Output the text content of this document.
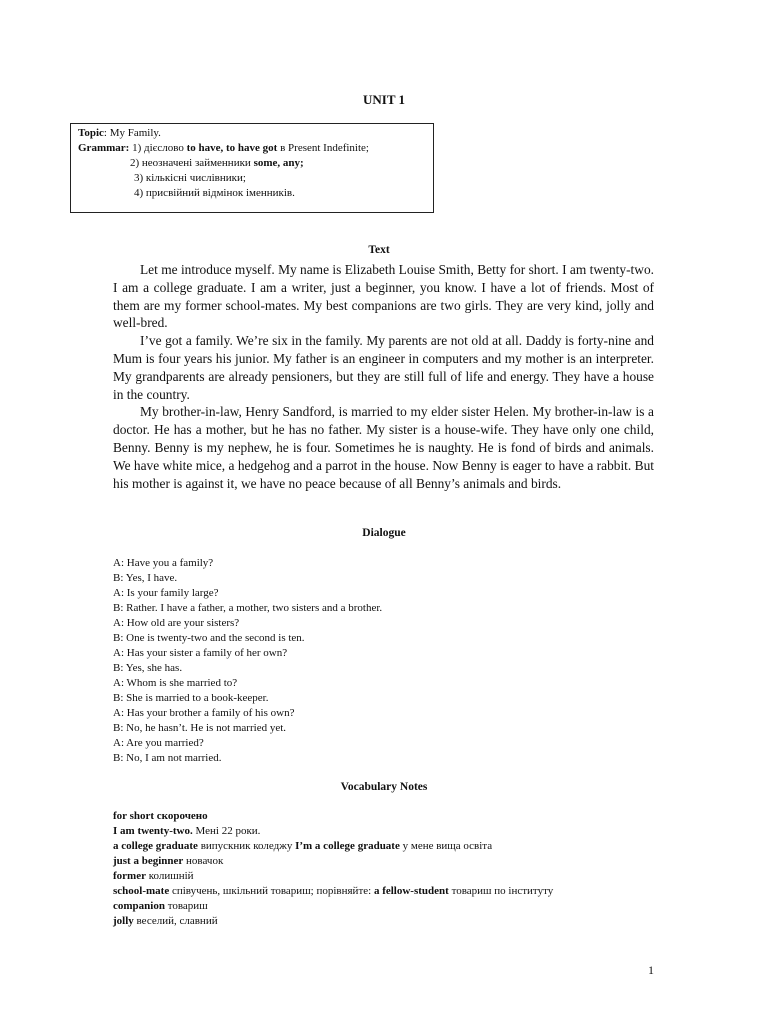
UNIT 1
Topic: My Family.
Grammar: 1) дієслово to have, to have got в Present Indefinite;
2) неозначені займенники some, any;
3) кількісні числівники;
4) присвійний відмінок іменників.
Text

Let me introduce myself. My name is Elizabeth Louise Smith, Betty for short. I am twenty-two. I am a college graduate. I am a writer, just a beginner, you know. I have a lot of friends. Most of them are my former school-mates. My best companions are two girls. They are very kind, jolly and well-bred.

I’ve got a family. We’re six in the family. My parents are not old at all. Daddy is forty-nine and Mum is four years his junior. My father is an engineer in computers and my mother is an interpreter. My grandparents are already pensioners, but they are still full of life and energy. They have a house in the country.

My brother-in-law, Henry Sandford, is married to my elder sister Helen. My brother-in-law is a doctor. He has a mother, but he has no father. My sister is a house-wife. They have only one child, Benny. Benny is my nephew, he is four. Sometimes he is naughty. He is fond of birds and animals. We have white mice, a hedgehog and a parrot in the house. Now Benny is eager to have a rabbit. But his mother is against it, we have no peace because of all Benny’s animals and birds.

Dialogue
A: Have you a family?
B: Yes, I have.
A: Is your family large?
B: Rather. I have a father, a mother, two sisters and a brother.
A: How old are your sisters?
B: One is twenty-two and the second is ten.
A: Has your sister a family of her own?
B: Yes, she has.
A: Whom is she married to?
B: She is married to a book-keeper.
A: Has your brother a family of his own?
B: No, he hasn’t. He is not married yet.
A: Are you married?
B: No, I am not married.
Vocabulary Notes
for short скорочено
I am twenty-two. Мені 22 роки.
a college graduate випускник коледжу I’m a college graduate у мене вища освіта
just a beginner новачок
former колишній
school-mate співучень, шкільний товариш; порівняйте: a fellow-student товариш по інституту
companion товариш
jolly веселий, славний
1
